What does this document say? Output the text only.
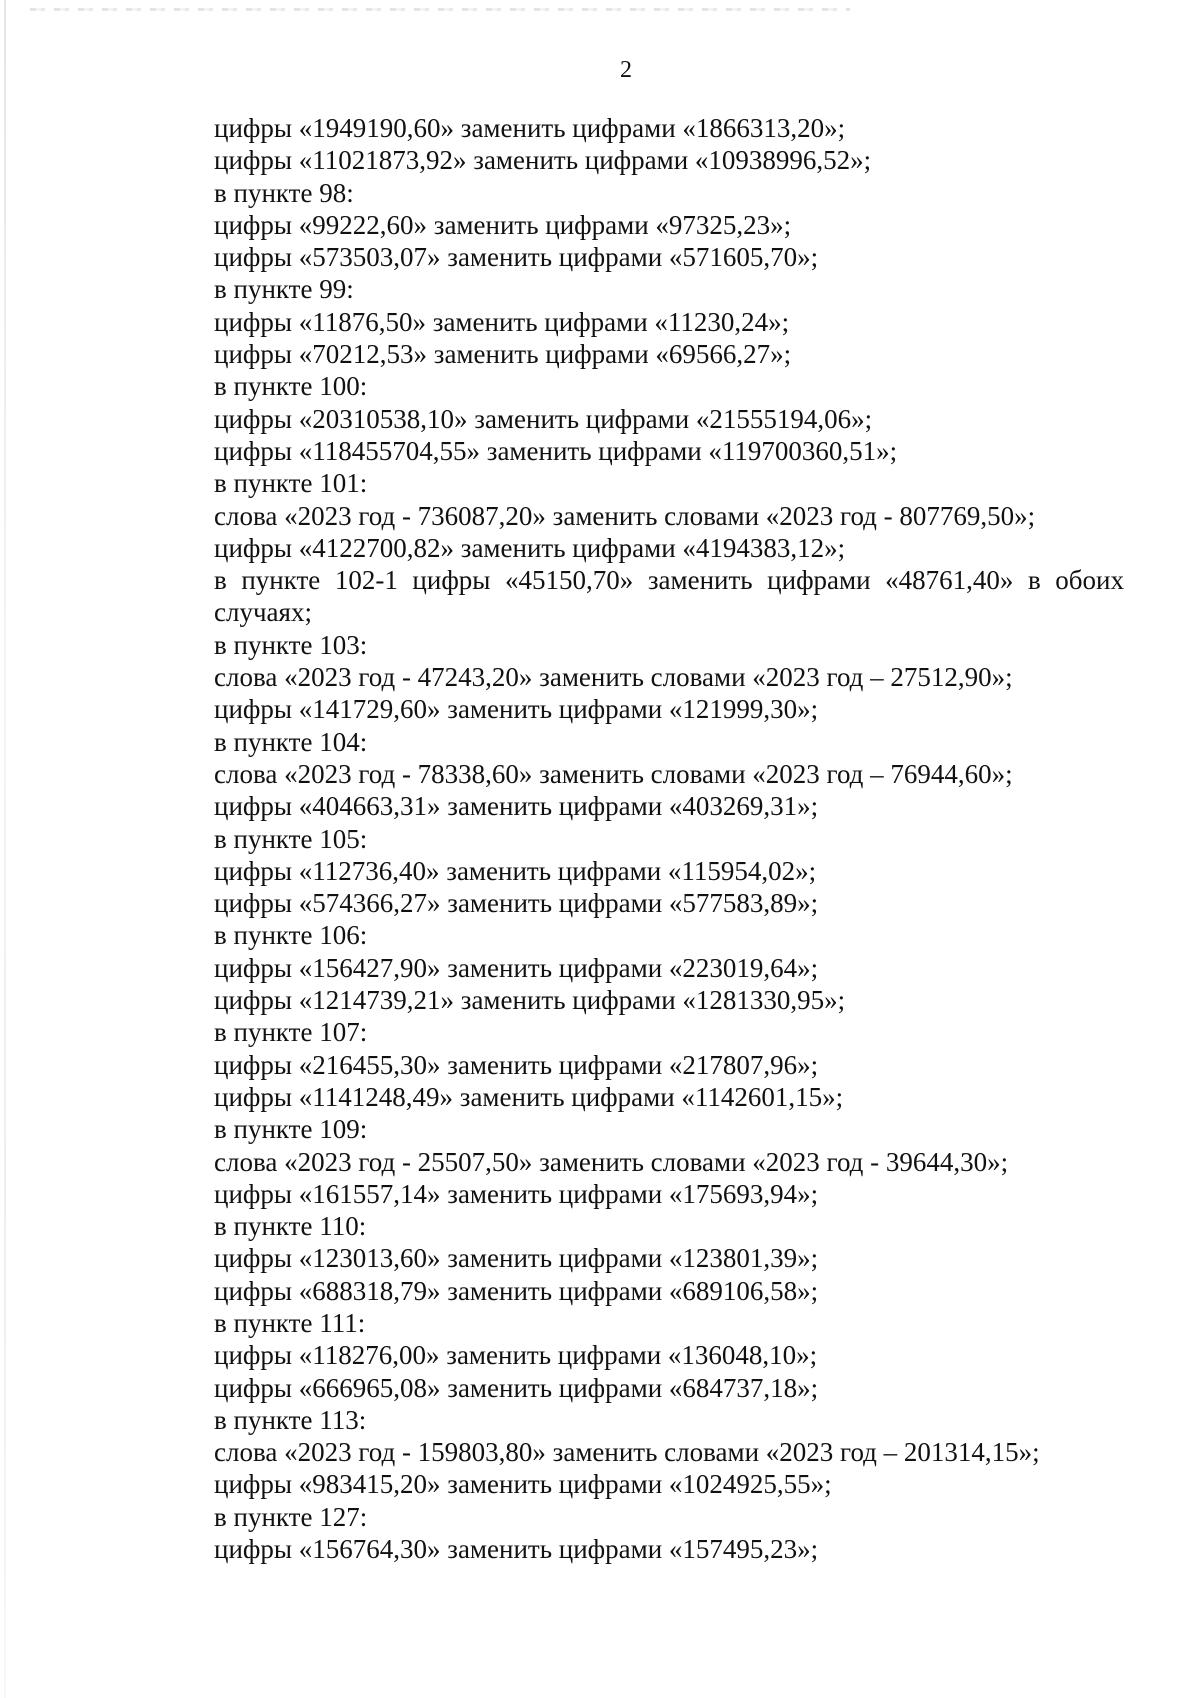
2
цифры «1949190,60» заменить цифрами «1866313,20»;
цифры «11021873,92» заменить цифрами «10938996,52»;
в пункте 98:
цифры «99222,60» заменить цифрами «97325,23»;
цифры «573503,07» заменить цифрами «571605,70»;
в пункте 99:
цифры «11876,50» заменить цифрами «11230,24»;
цифры «70212,53» заменить цифрами «69566,27»;
в пункте 100:
цифры «20310538,10» заменить цифрами «21555194,06»;
цифры «118455704,55» заменить цифрами «119700360,51»;
в пункте 101:
слова «2023 год - 736087,20» заменить словами «2023 год - 807769,50»;
цифры «4122700,82» заменить цифрами «4194383,12»;
в пункте 102-1 цифры «45150,70» заменить цифрами «48761,40» в обоих случаях;
в пункте 103:
слова «2023 год - 47243,20» заменить словами «2023 год – 27512,90»;
цифры «141729,60» заменить цифрами «121999,30»;
в пункте 104:
слова «2023 год - 78338,60» заменить словами «2023 год – 76944,60»;
цифры «404663,31» заменить цифрами «403269,31»;
в пункте 105:
цифры «112736,40» заменить цифрами «115954,02»;
цифры «574366,27» заменить цифрами «577583,89»;
в пункте 106:
цифры «156427,90» заменить цифрами «223019,64»;
цифры «1214739,21» заменить цифрами «1281330,95»;
в пункте 107:
цифры «216455,30» заменить цифрами «217807,96»;
цифры «1141248,49» заменить цифрами «1142601,15»;
в пункте 109:
слова «2023 год - 25507,50» заменить словами «2023 год - 39644,30»;
цифры «161557,14» заменить цифрами «175693,94»;
в пункте 110:
цифры «123013,60» заменить цифрами «123801,39»;
цифры «688318,79» заменить цифрами «689106,58»;
в пункте 111:
цифры «118276,00» заменить цифрами «136048,10»;
цифры «666965,08» заменить цифрами «684737,18»;
в пункте 113:
слова «2023 год - 159803,80» заменить словами «2023 год – 201314,15»;
цифры «983415,20» заменить цифрами «1024925,55»;
в пункте 127:
цифры «156764,30» заменить цифрами «157495,23»;
